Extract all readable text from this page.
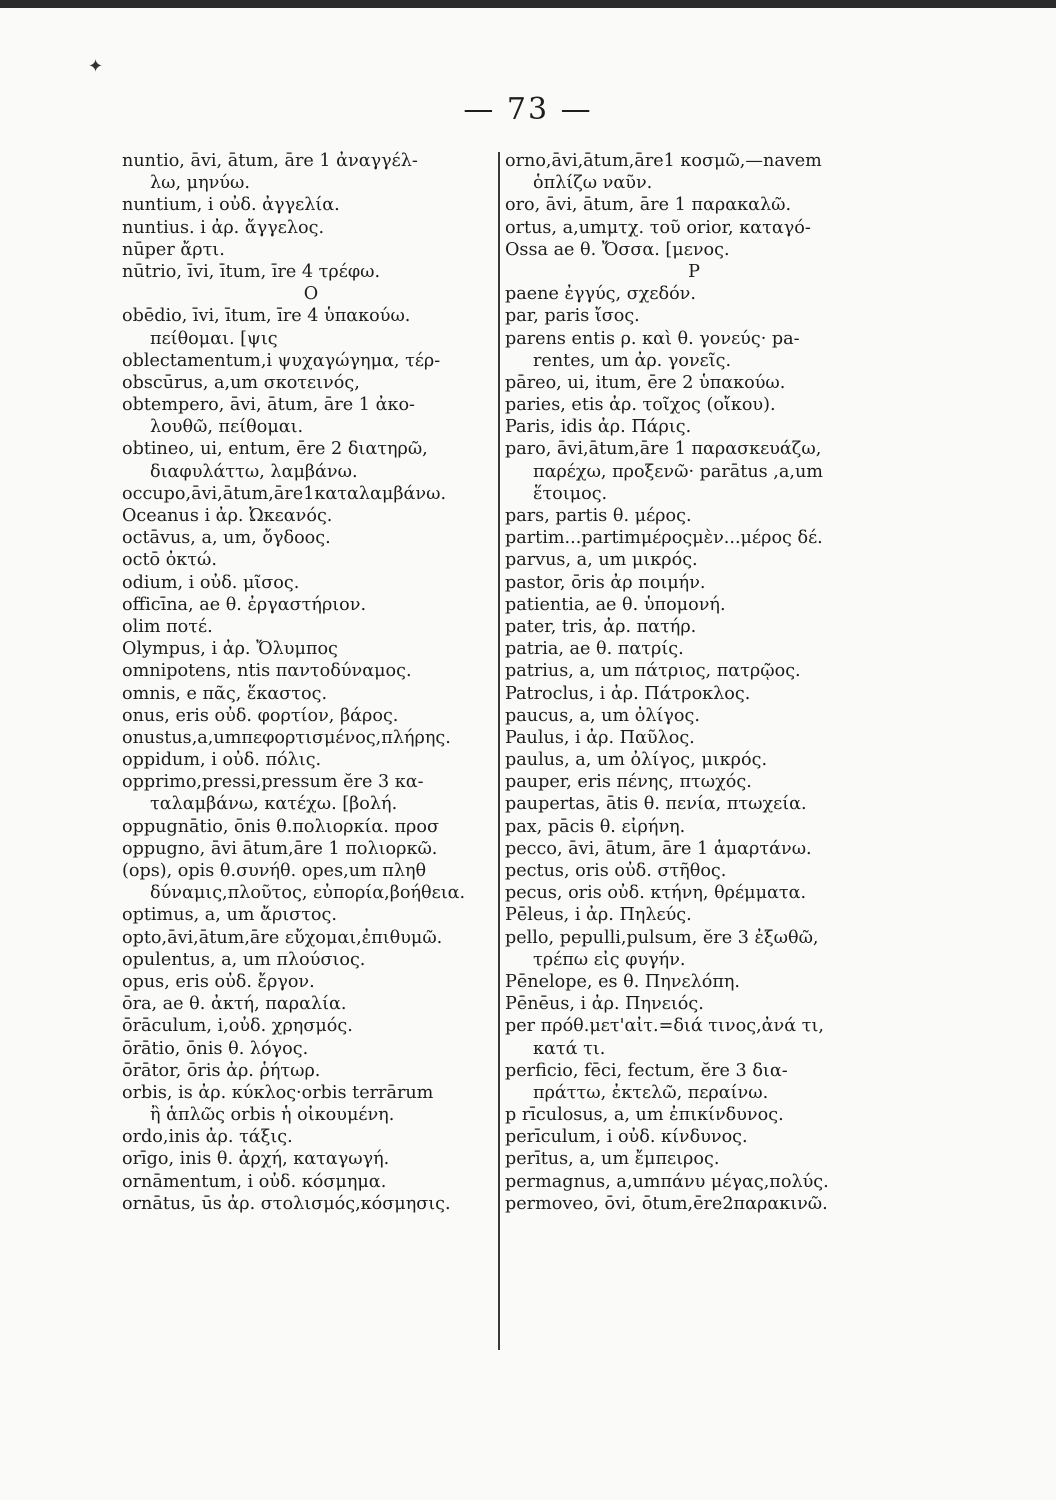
✦
— 73 —
nuntio, āvi, ātum, āre 1 ἀναγγέλ-
λω, μηνύω.
nuntium, i οὐδ. ἀγγελία.
nuntius. i ἀρ. ἄγγελος.
nūper ἄρτι.
nūtrio, īvi, ītum, īre 4 τρέφω.
O
obēdio, īvi, ītum, īre 4 ὑπακούω.
πείθομαι. [ψις
oblectamentum,i ψυχαγώγημα, τέρ-
obscūrus, a,um σκοτεινός,
obtempero, āvi, ātum, āre 1 ἀκο-
λουθῶ, πείθομαι.
obtineo, ui, entum, ēre 2 διατηρῶ,
διαφυλάττω, λαμβάνω.
occupo,āvi,ātum,āre1καταλαμβάνω.
Oceanus i ἀρ. Ὠκεανός.
octāvus, a, um, ὄγδοος.
octō ὀκτώ.
odium, i οὐδ. μῖσος.
officīna, ae θ. ἐργαστήριον.
olim ποτέ.
Olympus, i ἀρ. Ὄλυμπος
omnipotens, ntis παντοδύναμος.
omnis, e πᾶς, ἕκαστος.
onus, eris οὐδ. φορτίον, βάρος.
onustus,a,umπεφορτισμένος,πλήρης.
oppidum, i οὐδ. πόλις.
opprimo,pressi,pressum ĕre 3 κα-
ταλαμβάνω, κατέχω. [βολή.
oppugnātio, ōnis θ.πολιορκία. προσ
oppugno, āvi ātum,āre 1 πολιορκῶ.
(ops), opis θ.συνήθ. opes,um πληθ
δύναμις,πλοῦτος, εὐπορία,βοήθεια.
optimus, a, um ἄριστος.
opto,āvi,ātum,āre εὔχομαι,ἐπιθυμῶ.
opulentus, a, um πλούσιος.
opus, eris οὐδ. ἔργον.
ōra, ae θ. ἀκτή, παραλία.
ōrāculum, i,οὐδ. χρησμός.
ōrātio, ōnis θ. λόγος.
ōrātor, ōris ἀρ. ῥήτωρ.
orbis, is ἀρ. κύκλος·orbis terrārum
ἢ ἁπλῶς orbis ἡ οἰκουμένη.
ordo,inis ἀρ. τάξις.
orīgo, inis θ. ἀρχή, καταγωγή.
ornāmentum, i οὐδ. κόσμημα.
ornātus, ūs ἀρ. στολισμός,κόσμησις.
orno,āvi,ātum,āre1 κοσμῶ,—navem
ὁπλίζω ναῦν.
oro, āvi, ātum, āre 1 παρακαλῶ.
ortus, a,umμτχ. τοῦ orior, καταγό-
Ossa ae θ. Ὄσσα. [μενος.
P
paene ἐγγύς, σχεδόν.
par, paris ἴσος.
parens entis ρ. καὶ θ. γονεύς· pa-
rentes, um ἀρ. γονεῖς.
pāreo, ui, itum, ēre 2 ὑπακούω.
paries, etis ἀρ. τοῖχος (οἴκου).
Paris, idis ἀρ. Πάρις.
paro, āvi,ātum,āre 1 παρασκευάζω,
παρέχω, προξενῶ· parātus ,a,um
ἕτοιμος.
pars, partis θ. μέρος.
partim...partimμέροςμὲν...μέρος δέ.
parvus, a, um μικρός.
pastor, ōris ἀρ ποιμήν.
patientia, ae θ. ὑπομονή.
pater, tris, ἀρ. πατήρ.
patria, ae θ. πατρίς.
patrius, a, um πάτριος, πατρῷος.
Patroclus, i ἀρ. Πάτροκλος.
paucus, a, um ὀλίγος.
Paulus, i ἀρ. Παῦλος.
paulus, a, um ὀλίγος, μικρός.
pauper, eris πένης, πτωχός.
paupertas, ātis θ. πενία, πτωχεία.
pax, pācis θ. εἰρήνη.
pecco, āvi, ātum, āre 1 ἁμαρτάνω.
pectus, oris οὐδ. στῆθος.
pecus, oris οὐδ. κτήνη, θρέμματα.
Pēleus, i ἀρ. Πηλεύς.
pello, pepulli,pulsum, ĕre 3 ἐξωθῶ,
τρέπω εἰς φυγήν.
Pēnelope, es θ. Πηνελόπη.
Pēnēus, i ἀρ. Πηνειός.
per πρόθ.μετ'αἰτ.=διά τινος,ἀνά τι,
κατά τι.
perficio, fēci, fectum, ĕre 3 δια-
πράττω, ἐκτελῶ, περαίνω.
p rīculosus, a, um ἐπικίνδυνος.
perīculum, i οὐδ. κίνδυνος.
perītus, a, um ἔμπειρος.
permagnus, a,umπάνυ μέγας,πολύς.
permoveo, ōvi, ōtum,ēre2παρακινῶ.
